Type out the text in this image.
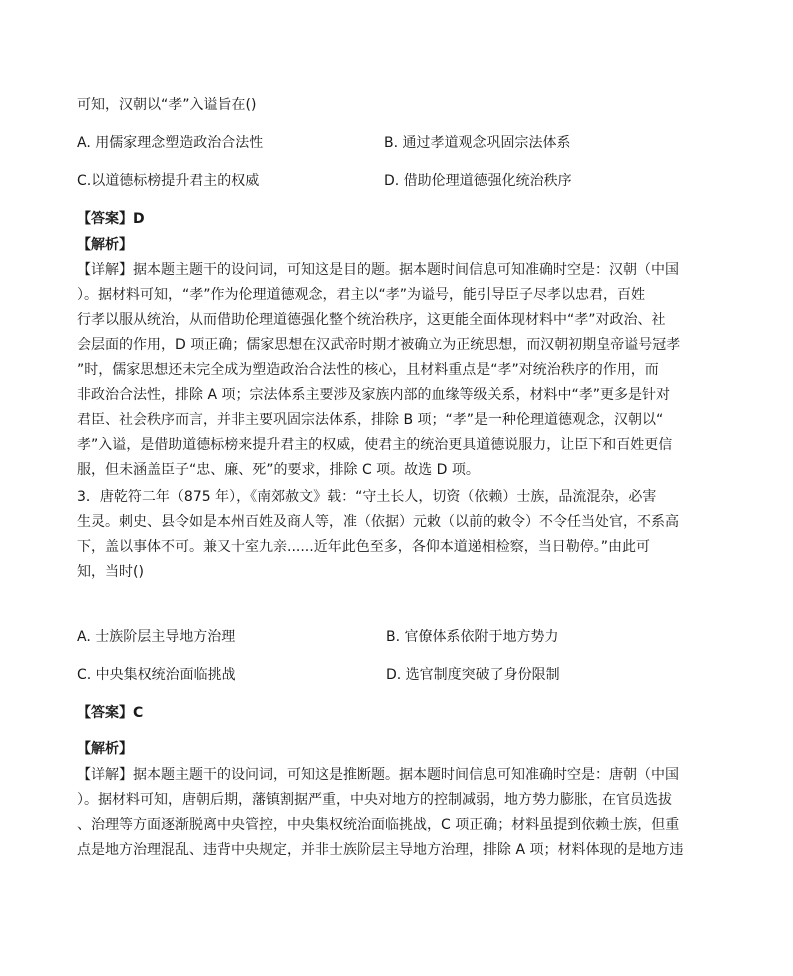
可知，汉朝以“孝”入谥旨在()
A. 用儒家理念塑造政治合法性	B. 通过孝道观念巩固宗法体系
C.以道德标榜提升君主的权威	D. 借助伦理道德强化统治秩序
【答案】D
【解析】
【详解】据本题主题干的设问词，可知这是目的题。据本题时间信息可知准确时空是：汉朝（中国
）。据材料可知，“孝”作为伦理道德观念，君主以“孝”为谥号，能引导臣子尽孝以忠君，百姓
行孝以服从统治，从而借助伦理道德强化整个统治秩序，这更能全面体现材料中“孝”对政治、社
会层面的作用，D 项正确；儒家思想在汉武帝时期才被确立为正统思想，而汉朝初期皇帝谥号冠孝
”时，儒家思想还未完全成为塑造政治合法性的核心，且材料重点是“孝”对统治秩序的作用，而
非政治合法性，排除 A 项；宗法体系主要涉及家族内部的血缘等级关系，材料中“孝”更多是针对
君臣、社会秩序而言，并非主要巩固宗法体系，排除 B 项；“孝”是一种伦理道德观念，汉朝以“
孝”入谥，是借助道德标榜来提升君主的权威，使君主的统治更具道德说服力，让臣下和百姓更信
服，但未涵盖臣子“忠、廉、死”的要求，排除 C 项。故选 D 项。
3．唐乾符二年（875 年），《南郊赦文》载：“守土长人，切资（依赖）士族，品流混杂，必害
生灵。刺史、县令如是本州百姓及商人等，准（依据）元敕（以前的敕令）不令任当处官，不系高
下，盖以事体不可。兼又十室九亲......近年此色至多，各仰本道递相检察，当日勒停。”由此可
知，当时()
A. 士族阶层主导地方治理	B. 官僚体系依附于地方势力
C. 中央集权统治面临挑战	D. 选官制度突破了身份限制
【答案】C
【解析】
【详解】据本题主题干的设问词，可知这是推断题。据本题时间信息可知准确时空是：唐朝（中国
）。据材料可知，唐朝后期，藩镇割据严重，中央对地方的控制减弱，地方势力膨胀，在官员选拔
、治理等方面逐渐脱离中央管控，中央集权统治面临挑战，C 项正确；材料虽提到依赖士族，但重
点是地方治理混乱、违背中央规定，并非士族阶层主导地方治理，排除 A 项；材料体现的是地方违
